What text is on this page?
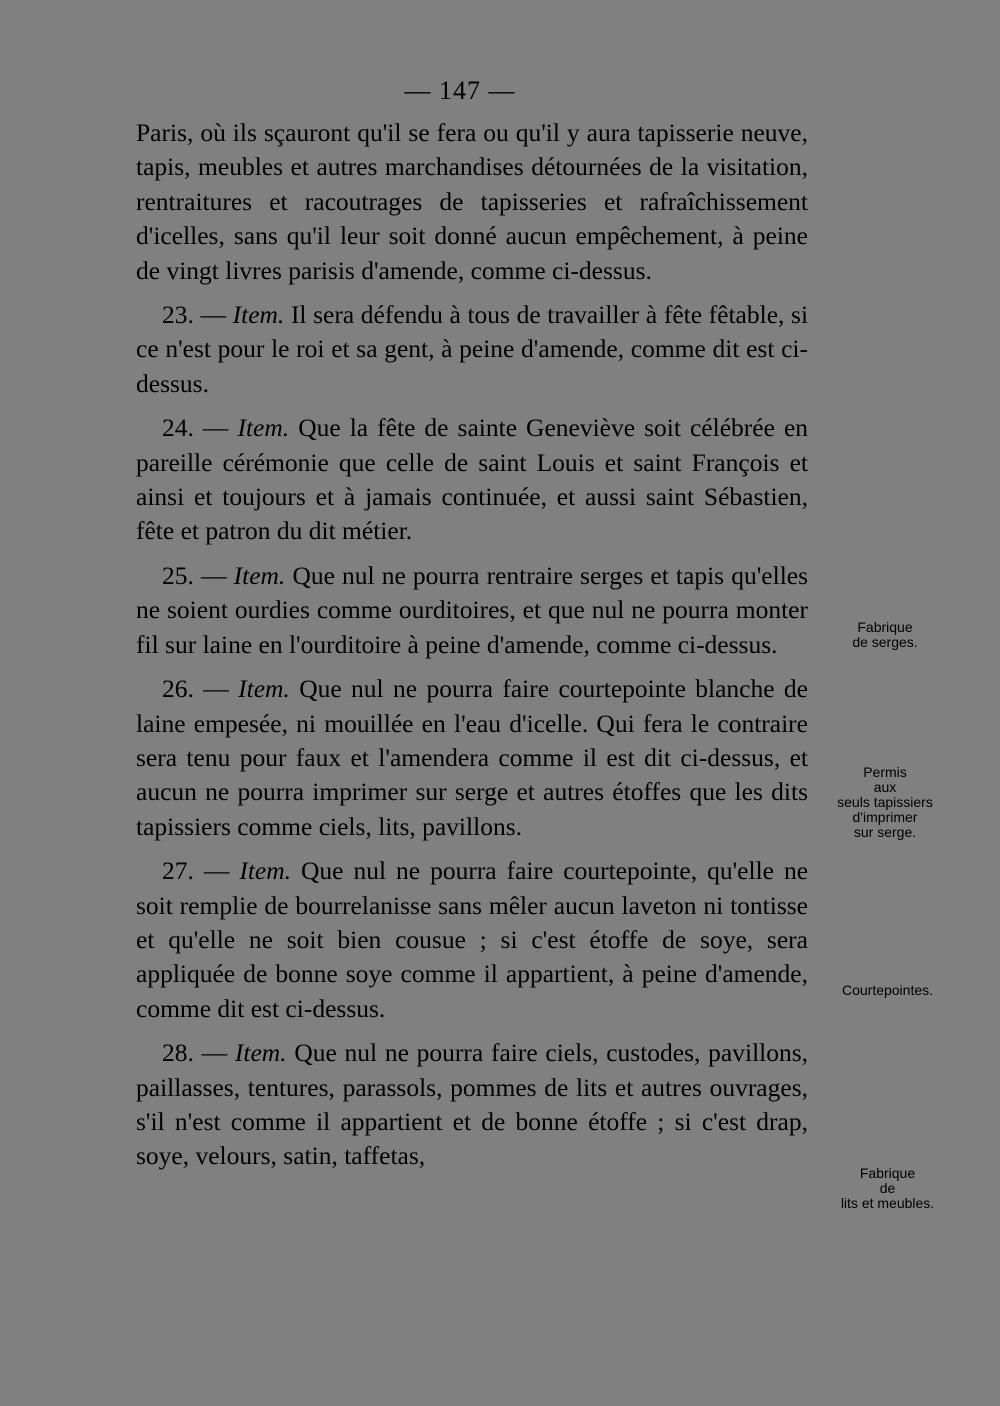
— 147 —

Paris, où ils sçauront qu'il se fera ou qu'il y aura tapisserie neuve, tapis, meubles et autres marchandises détournées de la visitation, rentraitures et racoutrages de tapisseries et rafraîchissement d'icelles, sans qu'il leur soit donné aucun empêchement, à peine de vingt livres parisis d'amende, comme ci-dessus.

23. — Item. Il sera défendu à tous de travailler à fête fêtable, si ce n'est pour le roi et sa gent, à peine d'amende, comme dit est ci-dessus.

24. — Item. Que la fête de sainte Geneviève soit célébrée en pareille cérémonie que celle de saint Louis et saint François et ainsi et toujours et à jamais continuée, et aussi saint Sébastien, fête et patron du dit métier.

25. — Item. Que nul ne pourra rentraire serges et tapis qu'elles ne soient ourdies comme ourditoires, et que nul ne pourra monter fil sur laine en l'ourditoire à peine d'amende, comme ci-dessus.

26. — Item. Que nul ne pourra faire courtepointe blanche de laine empesée, ni mouillée en l'eau d'icelle. Qui fera le contraire sera tenu pour faux et l'amendera comme il est dit ci-dessus, et aucun ne pourra imprimer sur serge et autres étoffes que les dits tapissiers comme ciels, lits, pavillons.

27. — Item. Que nul ne pourra faire courtepointe, qu'elle ne soit remplie de bourrelanisse sans mêler aucun laveton ni tontisse et qu'elle ne soit bien cousue ; si c'est étoffe de soye, sera appliquée de bonne soye comme il appartient, à peine d'amende, comme dit est ci-dessus.

28. — Item. Que nul ne pourra faire ciels, custodes, pavillons, paillasses, tentures, parassols, pommes de lits et autres ouvrages, s'il n'est comme il appartient et de bonne étoffe ; si c'est drap, soye, velours, satin, taffetas,

Fabrique
de serges.
Permis
aux
seuls tapissiers
d'imprimer
sur serge.
Courtepointes.
Fabrique
de
lits et meubles.
